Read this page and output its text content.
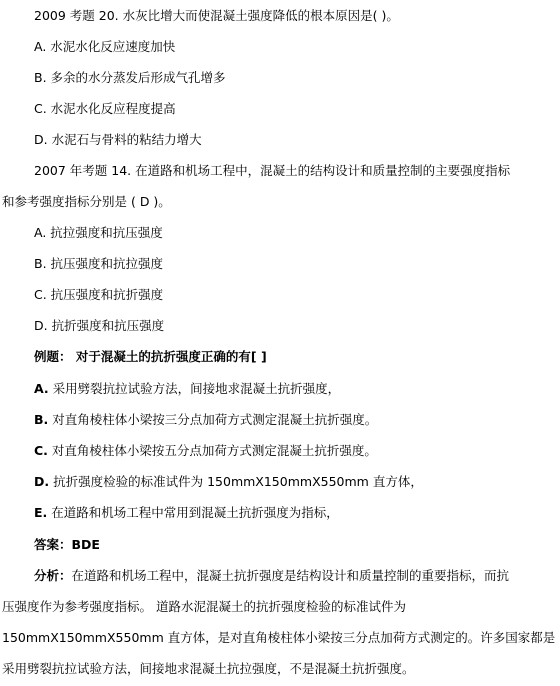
2009 考题 20. 水灰比增大而使混凝土强度降低的根本原因是( )。
A. 水泥水化反应速度加快
B. 多余的水分蒸发后形成气孔增多
C. 水泥水化反应程度提高
D. 水泥石与骨料的粘结力增大
2007 年考题 14. 在道路和机场工程中，混凝土的结构设计和质量控制的主要强度指标
和参考强度指标分别是 ( D )。
A. 抗拉强度和抗压强度
B. 抗压强度和抗拉强度
C. 抗压强度和抗折强度
D. 抗折强度和抗压强度
例题： 对于混凝土的抗折强度正确的有[ ]
A. 采用劈裂抗拉试验方法，间接地求混凝土抗折强度，
B. 对直角棱柱体小梁按三分点加荷方式测定混凝土抗折强度。
C. 对直角棱柱体小梁按五分点加荷方式测定混凝土抗折强度。
D. 抗折强度检验的标准试件为 150mmX150mmX550mm 直方体，
E. 在道路和机场工程中常用到混凝土抗折强度为指标，
答案：BDE
分析：在道路和机场工程中，混凝土抗折强度是结构设计和质量控制的重要指标，而抗
压强度作为参考强度指标。 道路水泥混凝土的抗折强度检验的标准试件为
150mmX150mmX550mm 直方体，是对直角棱柱体小梁按三分点加荷方式测定的。许多国家都是
采用劈裂抗拉试验方法，间接地求混凝土抗拉强度，不是混凝土抗折强度。
